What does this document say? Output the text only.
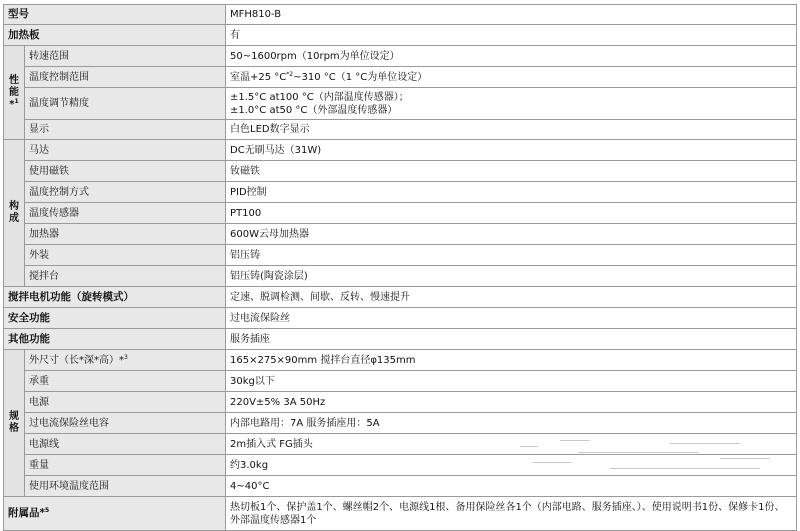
型号		MFH810-B
加热板		有

性
能
*$^1$	转速范围	50~1600rpm（10rpm为单位设定）
	温度控制范围	室温+25 $^\circ C^{*2}\sim 310$ °C（1 °C为单位设定）
	温度调节精度	±1.5°C at100 °C（内部温度传感器）；
±1.0°C at50 °C（外部温度传感器）

	显示	白色LED数字显示

构
成	马达	DC无刷马达（31W)
	使用磁铁	钕磁铁
	温度控制方式	PID控制
	温度传感器	PT100
	加热器	600W云母加热器
	外装	铝压铸
	搅拌台	铝压铸(陶瓷涂层)
搅拌电机功能（旋转模式）		定速、脱调检测、间歇、反转、慢速提升
安全功能		过电流保险丝
其他功能		服务插座

规
格	外尺寸（长*深*高）*$^3$	165×275×90mm 搅拌台直径φ135mm
	承重	30kg以下
	电源	220V±5% 3A 50Hz
	过电流保险丝电容	内部电路用：7A 服务插座用：5A
	电源线	2m插入式 FG插头
	重量	约3.0kg
	使用环境温度范围	4~40°C
附属品*$^5$		热切板1个、保护盖1个、螺丝帽2个、电源线1根、备用保险丝各1个（内部电路、服务插座、）、使用说明书1份、保修卡1份、外部温度传感器1个
